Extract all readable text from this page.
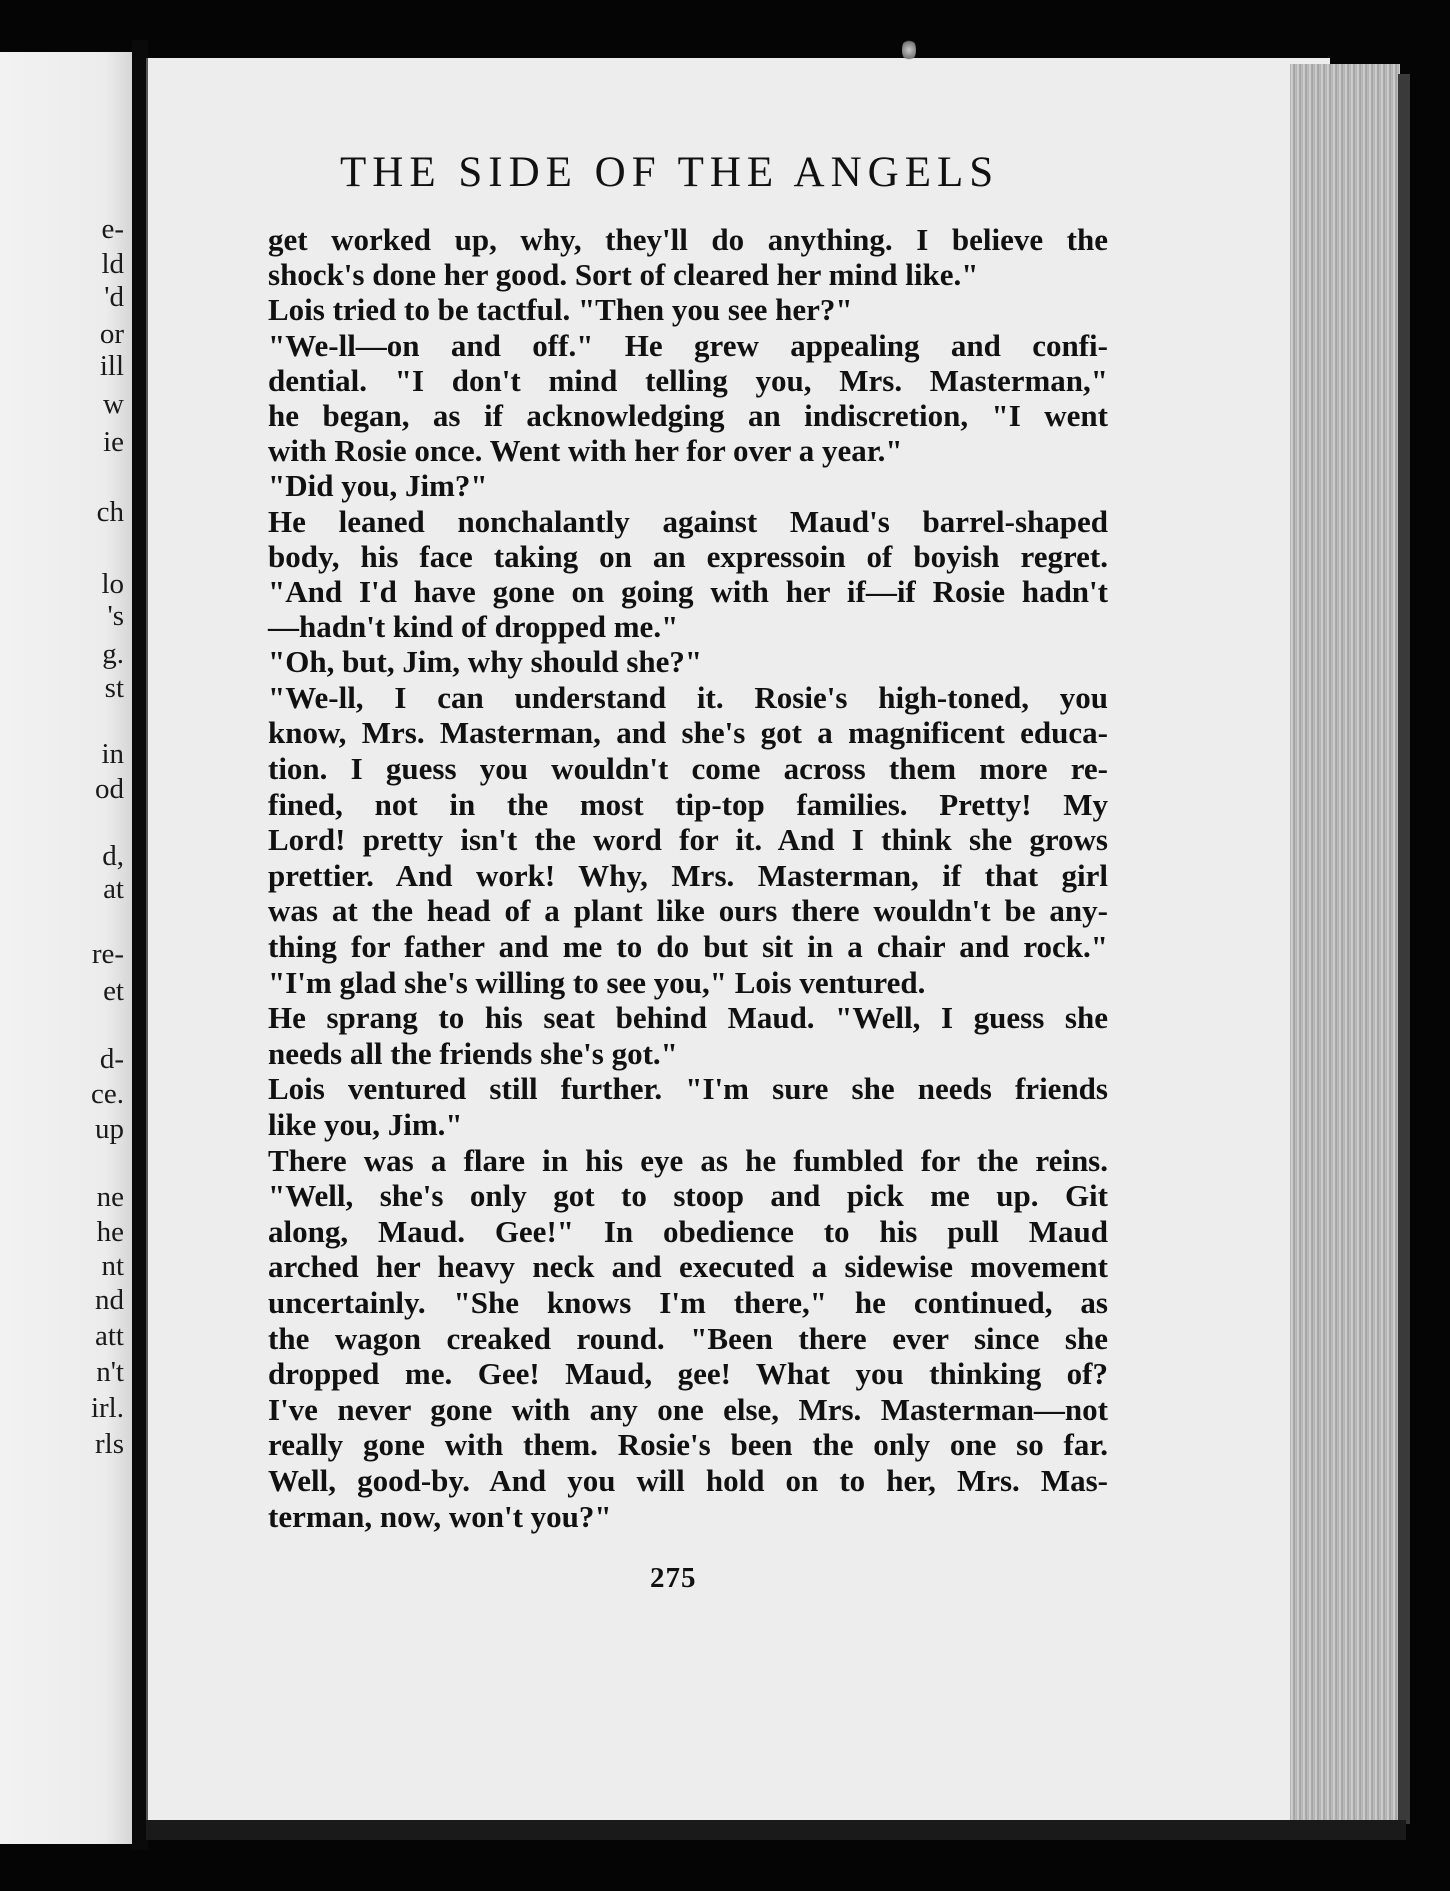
e-
ld
'd
or
ill
w
ie
ch
lo
's
g.
st
in
od
d,
at
re-
et
d-
ce.
up
ne
he
nt
nd
att
n't
irl.
rls
THE SIDE OF THE ANGELS
get worked up, why, they'll do anything. I believe the
shock's done her good. Sort of cleared her mind like."
Lois tried to be tactful. "Then you see her?"
"We-ll—on and off." He grew appealing and confi-
dential. "I don't mind telling you, Mrs. Masterman,"
he began, as if acknowledging an indiscretion, "I went
with Rosie once. Went with her for over a year."
"Did you, Jim?"
He leaned nonchalantly against Maud's barrel-shaped
body, his face taking on an expressoin of boyish regret.
"And I'd have gone on going with her if—if Rosie hadn't
—hadn't kind of dropped me."
"Oh, but, Jim, why should she?"
"We-ll, I can understand it. Rosie's high-toned, you
know, Mrs. Masterman, and she's got a magnificent educa-
tion. I guess you wouldn't come across them more re-
fined, not in the most tip-top families. Pretty! My
Lord! pretty isn't the word for it. And I think she grows
prettier. And work! Why, Mrs. Masterman, if that girl
was at the head of a plant like ours there wouldn't be any-
thing for father and me to do but sit in a chair and rock."
"I'm glad she's willing to see you," Lois ventured.
He sprang to his seat behind Maud. "Well, I guess she
needs all the friends she's got."
Lois ventured still further. "I'm sure she needs friends
like you, Jim."
There was a flare in his eye as he fumbled for the reins.
"Well, she's only got to stoop and pick me up. Git
along, Maud. Gee!" In obedience to his pull Maud
arched her heavy neck and executed a sidewise movement
uncertainly. "She knows I'm there," he continued, as
the wagon creaked round. "Been there ever since she
dropped me. Gee! Maud, gee! What you thinking of?
I've never gone with any one else, Mrs. Masterman—not
really gone with them. Rosie's been the only one so far.
Well, good-by. And you will hold on to her, Mrs. Mas-
terman, now, won't you?"
275
